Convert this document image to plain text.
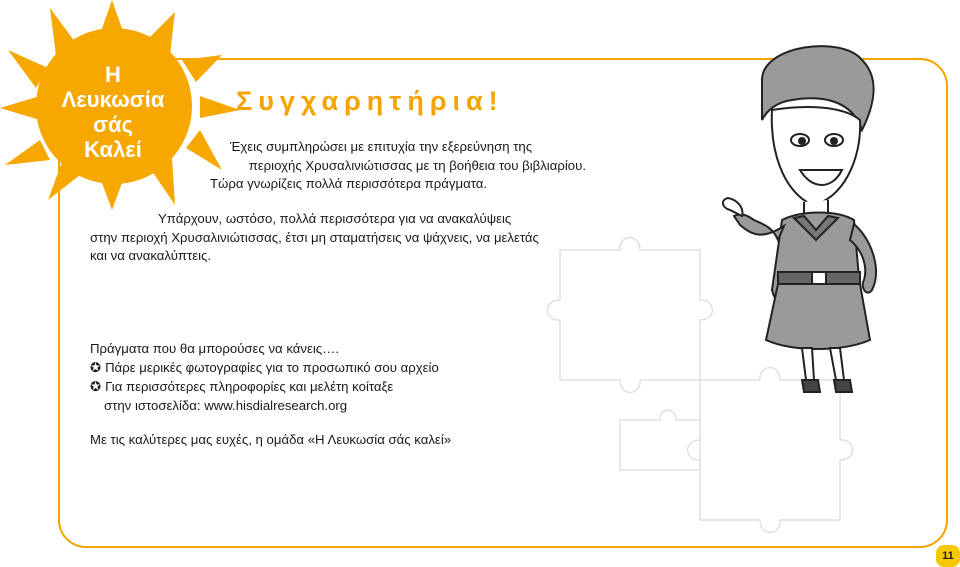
Η
Λευκωσία
σάς
Καλεί
Συγχαρητήρια!
Έχεις συμπληρώσει με επιτυχία την εξερεύνηση της
περιοχής Χρυσαλινιώτισσας με τη βοήθεια του βιβλιαρίου.
Τώρα γνωρίζεις πολλά περισσότερα πράγματα.
Υπάρχουν, ωστόσο, πολλά περισσότερα για να ανακαλύψεις
στην περιοχή Χρυσαλινιώτισσας, έτσι μη σταματήσεις να ψάχνεις, να μελετάς
και να ανακαλύπτεις.
Πράγματα που θα μπορούσες να κάνεις….
✪ Πάρε μερικές φωτογραφίες για το προσωπικό σου αρχείο
✪ Για περισσότερες πληροφορίες και μελέτη κοίταξε
στην ιστοσελίδα: www.hisdialresearch.org
Με τις καλύτερες μας ευχές, η ομάδα «Η Λευκωσία σάς καλεί»
11
